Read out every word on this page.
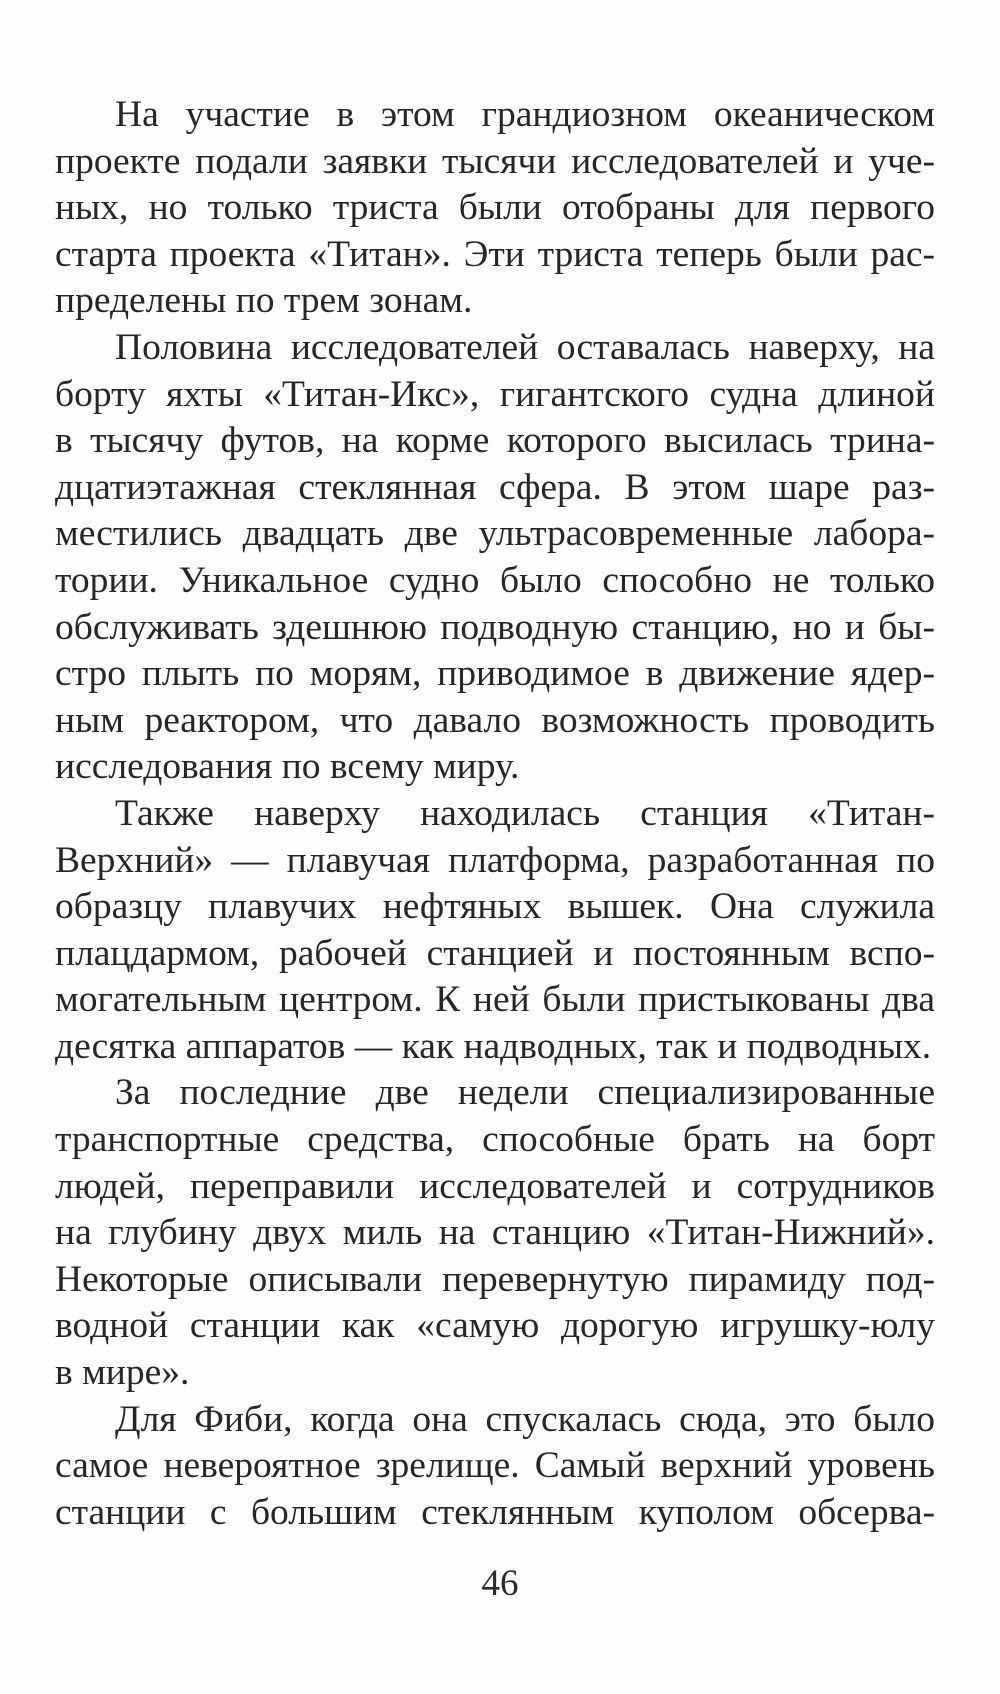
На участие в этом грандиозном океаническом
проекте подали заявки тысячи исследователей и уче-
ных, но только триста были отобраны для первого
старта проекта «Титан». Эти триста теперь были рас-
пределены по трем зонам.
Половина исследователей оставалась наверху, на
борту яхты «Титан-Икс», гигантского судна длиной
в тысячу футов, на корме которого высилась трина-
дцатиэтажная стеклянная сфера. В этом шаре раз-
местились двадцать две ультрасовременные лабора-
тории. Уникальное судно было способно не только
обслуживать здешнюю подводную станцию, но и бы-
стро плыть по морям, приводимое в движение ядер-
ным реактором, что давало возможность проводить
исследования по всему миру.
Также наверху находилась станция «Титан-
Верхний» — плавучая платформа, разработанная по
образцу плавучих нефтяных вышек. Она служила
плацдармом, рабочей станцией и постоянным вспо-
могательным центром. К ней были пристыкованы два
десятка аппаратов — как надводных, так и подводных.
За последние две недели специализированные
транспортные средства, способные брать на борт
людей, переправили исследователей и сотрудников
на глубину двух миль на станцию «Титан-Нижний».
Некоторые описывали перевернутую пирамиду под-
водной станции как «самую дорогую игрушку-юлу
в мире».
Для Фиби, когда она спускалась сюда, это было
самое невероятное зрелище. Самый верхний уровень
станции с большим стеклянным куполом обсерва-
46
